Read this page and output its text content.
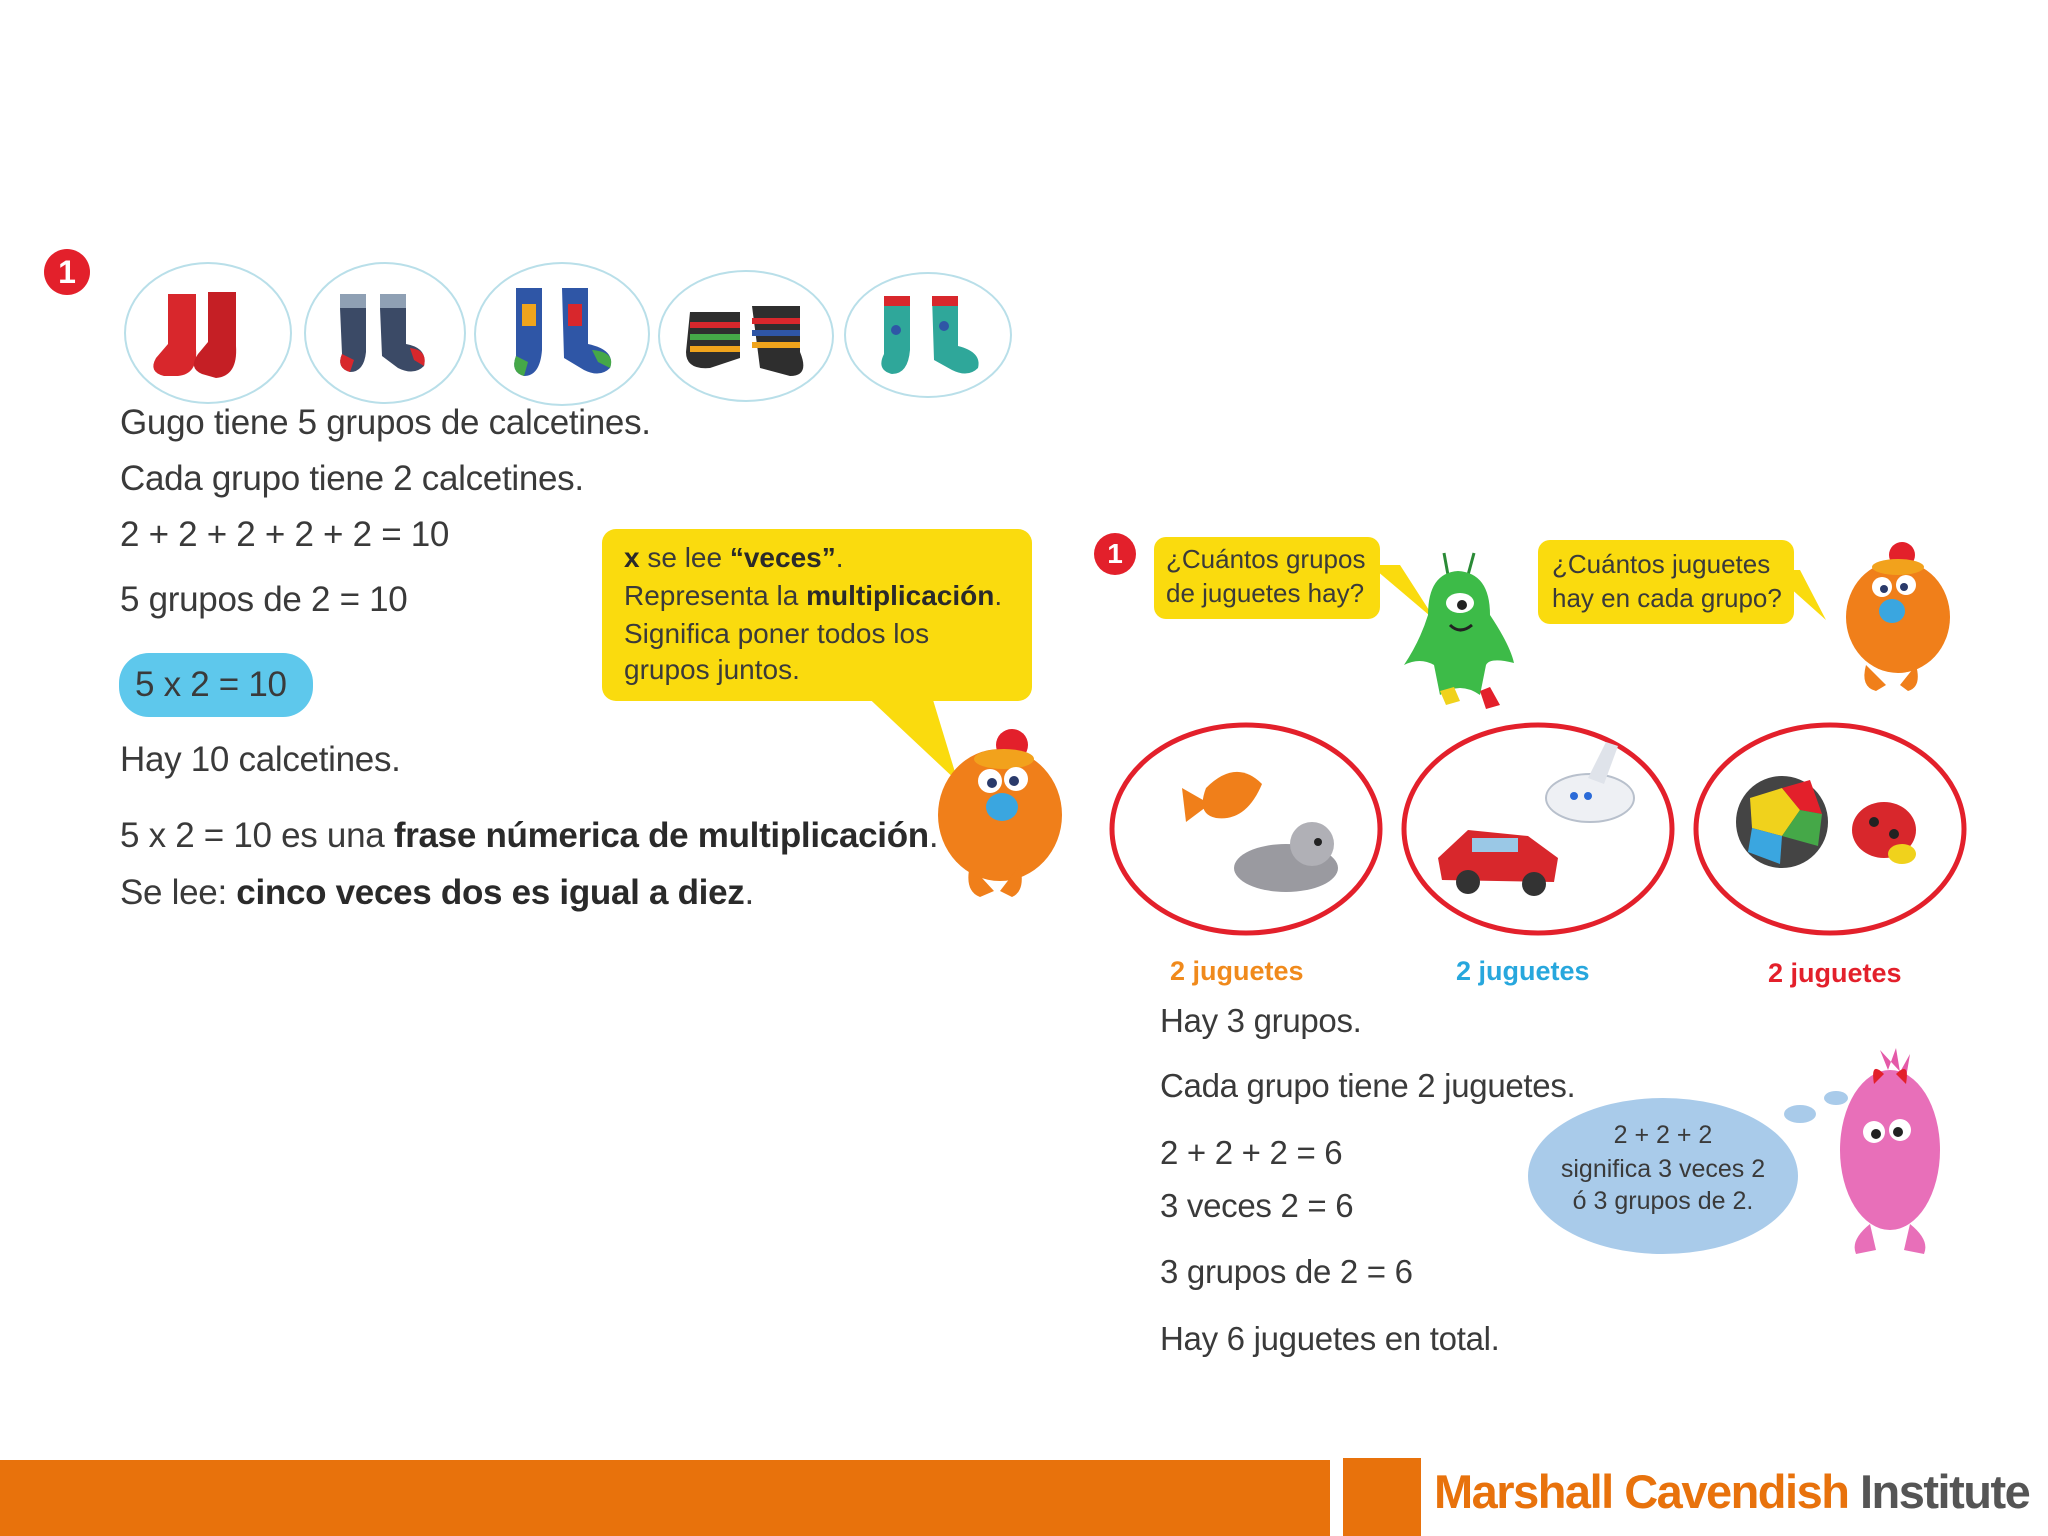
1
Gugo tiene 5 grupos de calcetines.
Cada grupo tiene 2 calcetines.
2 + 2 + 2 + 2 + 2 = 10
5 grupos de 2 = 10
5 x 2 = 10
Hay 10 calcetines.
5 x 2 = 10 es una frase númerica de multiplicación.
Se lee: cinco veces dos es igual a diez.
x se lee “veces”.
Representa la multiplicación.
Significa poner todos los
grupos juntos.
1	¿Cuántos grupos
de juguetes hay?
¿Cuántos juguetes
hay en cada grupo?
2 juguetes	2 juguetes	2 juguetes
Hay 3 grupos.
Cada grupo tiene 2 juguetes.
2 + 2 + 2 = 6
3 veces 2 = 6
3 grupos de 2 = 6
Hay 6 juguetes en total.
2 + 2 + 2
significa 3 veces 2
ó 3 grupos de 2.
Marshall Cavendish Institute
